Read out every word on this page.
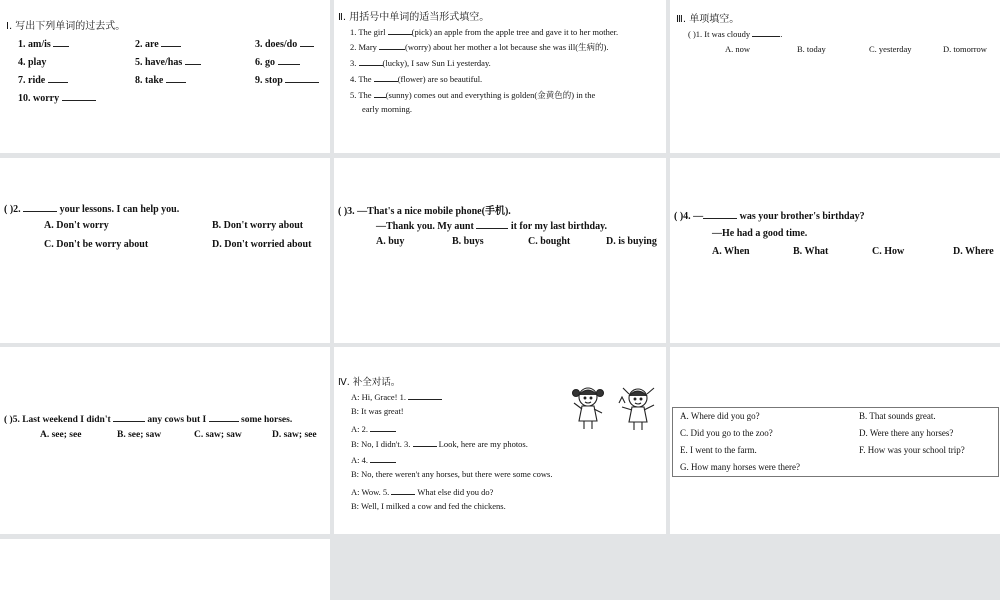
Ⅰ. 写出下列单词的过去式。
1. am/is	2. are	3. does/do
4. play	5. have/has	6. go
7. ride	8. take	9. stop
10. worry
Ⅱ. 用括号中单词的适当形式填空。
1. The girl	(pick) an apple from the apple tree and gave it to her mother.
2. Mary	(worry) about her mother a lot because she was ill(生病的).
3.	(lucky), I saw Sun Li yesterday.
4. The	(flower) are so beautiful.
5. The (sunny) comes out and everything is golden(金黄色的) in the
early morning.
Ⅲ. 单项填空。
( )1. It was cloudy	.
A. now	B. today	C. yesterday	D. tomorrow
( )2.	your lessons. I can help you.
A. Don't worry	B. Don't worry about
C. Don't be worry about	D. Don't worried about
( )3. —That's a nice mobile phone(手机).
—Thank you. My aunt	it for my last birthday.
A. buy	B. buys	C. bought	D. is buying
( )4. —	was your brother's birthday?
—He had a good time.
A. When	B. What	C. How	D. Where
( )5. Last weekend I didn't	any cows but I	some horses.
A. see; see	B. see; saw	C. saw; saw	D. saw; see
Ⅳ. 补全对话。
A: Hi, Grace! 1.
B: It was great!
A: 2.
B: No, I didn't. 3.	Look, here are my photos.
A: 4.
B: No, there weren't any horses, but there were some cows.
A: Wow. 5.	What else did you do?
B: Well, I milked a cow and fed the chickens.
A. Where did you go?	B. That sounds great.
C. Did you go to the zoo?	D. Were there any horses?
E. I went to the farm.	F. How was your school trip?
G. How many horses were there?
